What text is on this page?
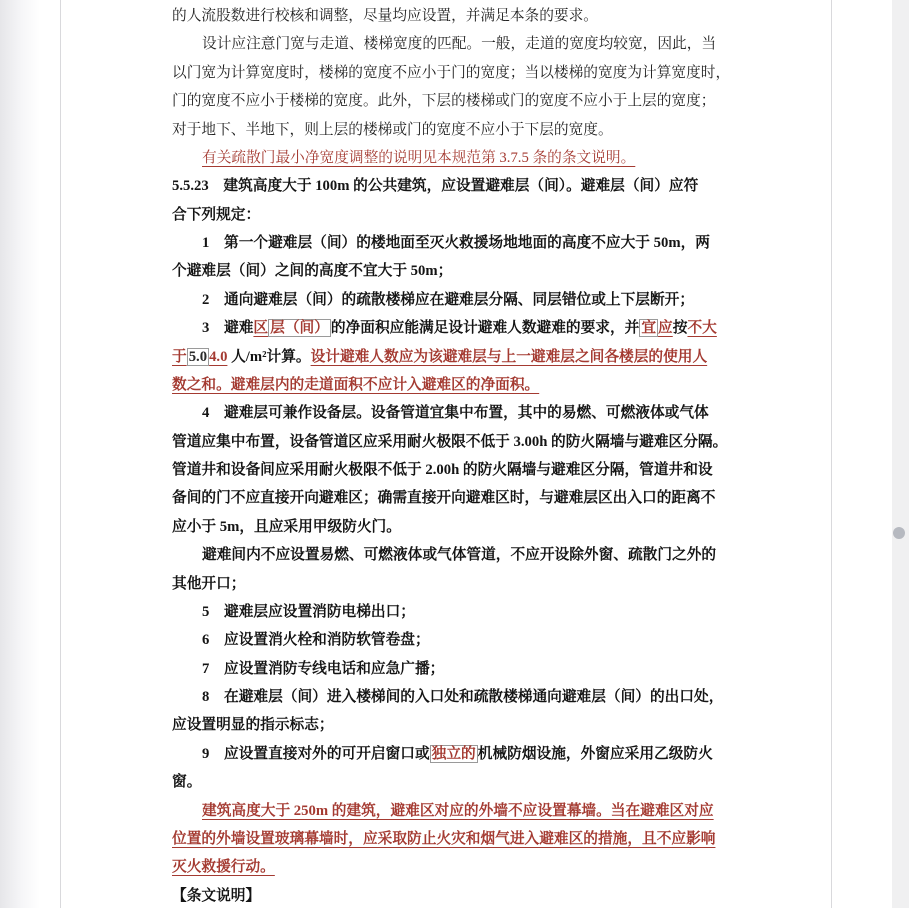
的人流股数进行校核和调整，尽量均应设置，并满足本条的要求。
设计应注意门宽与走道、楼梯宽度的匹配。一般，走道的宽度均较宽，因此，当
以门宽为计算宽度时，楼梯的宽度不应小于门的宽度；当以楼梯的宽度为计算宽度时，
门的宽度不应小于楼梯的宽度。此外，下层的楼梯或门的宽度不应小于上层的宽度；
对于地下、半地下，则上层的楼梯或门的宽度不应小于下层的宽度。
有关疏散门最小净宽度调整的说明见本规范第 3.7.5 条的条文说明。
5.5.23　建筑高度大于 100m 的公共建筑，应设置避难层（间）。避难层（间）应符
合下列规定：
1　第一个避难层（间）的楼地面至灭火救援场地地面的高度不应大于 50m，两
个避难层（间）之间的高度不宜大于 50m；
2　通向避难层（间）的疏散楼梯应在避难层分隔、同层错位或上下层断开；
3　避难区 层（间） 的净面积应能满足设计避难人数避难的要求，并 宜 应按不大
于 5.0 4.0 人/m²计算。设计避难人数应为该避难层与上一避难层之间各楼层的使用人
数之和。避难层内的走道面积不应计入避难区的净面积。
4　避难层可兼作设备层。设备管道宜集中布置，其中的易燃、可燃液体或气体
管道应集中布置，设备管道区应采用耐火极限不低于 3.00h 的防火隔墙与避难区分隔。
管道井和设备间应采用耐火极限不低于 2.00h 的防火隔墙与避难区分隔，管道井和设
备间的门不应直接开向避难区；确需直接开向避难区时，与避难层区出入口的距离不
应小于 5m，且应采用甲级防火门。
避难间内不应设置易燃、可燃液体或气体管道，不应开设除外窗、疏散门之外的
其他开口；
5　避难层应设置消防电梯出口；
6　应设置消火栓和消防软管卷盘；
7　应设置消防专线电话和应急广播；
8　在避难层（间）进入楼梯间的入口处和疏散楼梯通向避难层（间）的出口处，
应设置明显的指示标志；
9　应设置直接对外的可开启窗口或 独立的 机械防烟设施，外窗应采用乙级防火
窗。
建筑高度大于 250m 的建筑，避难区对应的外墙不应设置幕墙。当在避难区对应
位置的外墙设置玻璃幕墙时，应采取防止火灾和烟气进入避难区的措施，且不应影响
灭火救援行动。
【条文说明】
